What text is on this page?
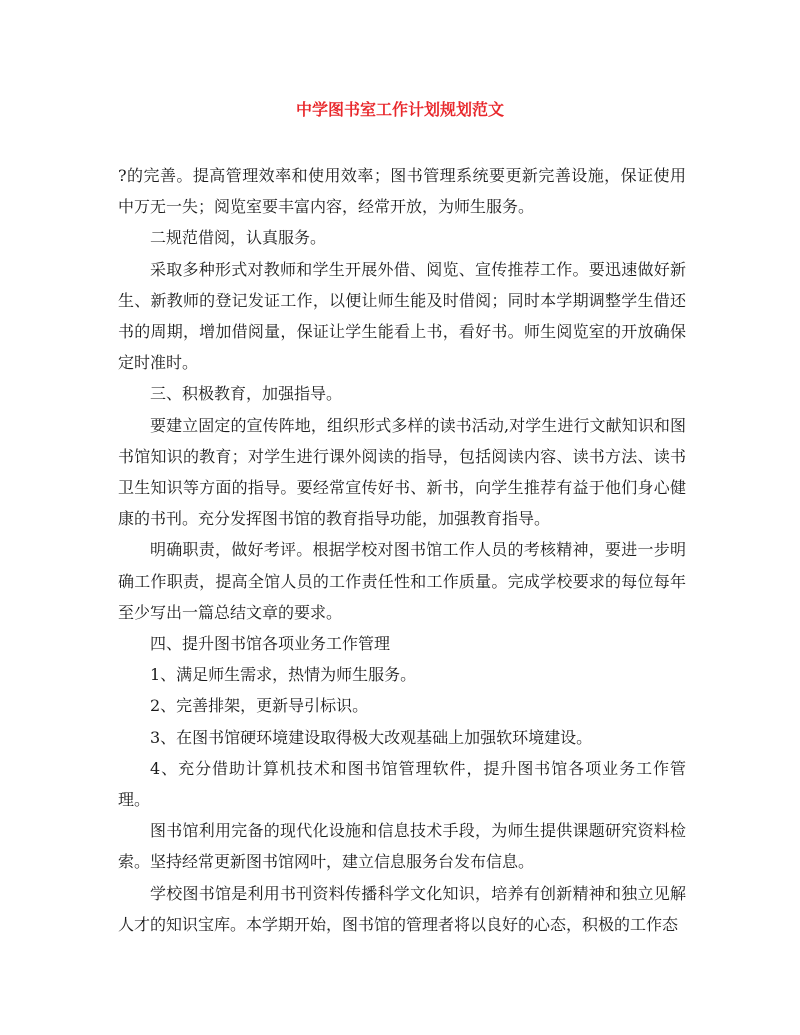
中学图书室工作计划规划范文

?的完善。提高管理效率和使用效率；图书管理系统要更新完善设施，保证使用中万无一失；阅览室要丰富内容，经常开放，为师生服务。

二规范借阅，认真服务。

采取多种形式对教师和学生开展外借、阅览、宣传推荐工作。要迅速做好新生、新教师的登记发证工作，以便让师生能及时借阅；同时本学期调整学生借还书的周期，增加借阅量，保证让学生能看上书，看好书。师生阅览室的开放确保定时准时。

三、积极教育，加强指导。

要建立固定的宣传阵地，组织形式多样的读书活动,对学生进行文献知识和图书馆知识的教育；对学生进行课外阅读的指导，包括阅读内容、读书方法、读书卫生知识等方面的指导。要经常宣传好书、新书，向学生推荐有益于他们身心健康的书刊。充分发挥图书馆的教育指导功能，加强教育指导。

明确职责，做好考评。根据学校对图书馆工作人员的考核精神，要进一步明确工作职责，提高全馆人员的工作责任性和工作质量。完成学校要求的每位每年至少写出一篇总结文章的要求。

四、提升图书馆各项业务工作管理

1、满足师生需求，热情为师生服务。

2、完善排架，更新导引标识。

3、在图书馆硬环境建设取得极大改观基础上加强软环境建设。

4、充分借助计算机技术和图书馆管理软件，提升图书馆各项业务工作管理。

图书馆利用完备的现代化设施和信息技术手段，为师生提供课题研究资料检索。坚持经常更新图书馆网叶，建立信息服务台发布信息。

学校图书馆是利用书刊资料传播科学文化知识，培养有创新精神和独立见解人才的知识宝库。本学期开始，图书馆的管理者将以良好的心态，积极的工作态
